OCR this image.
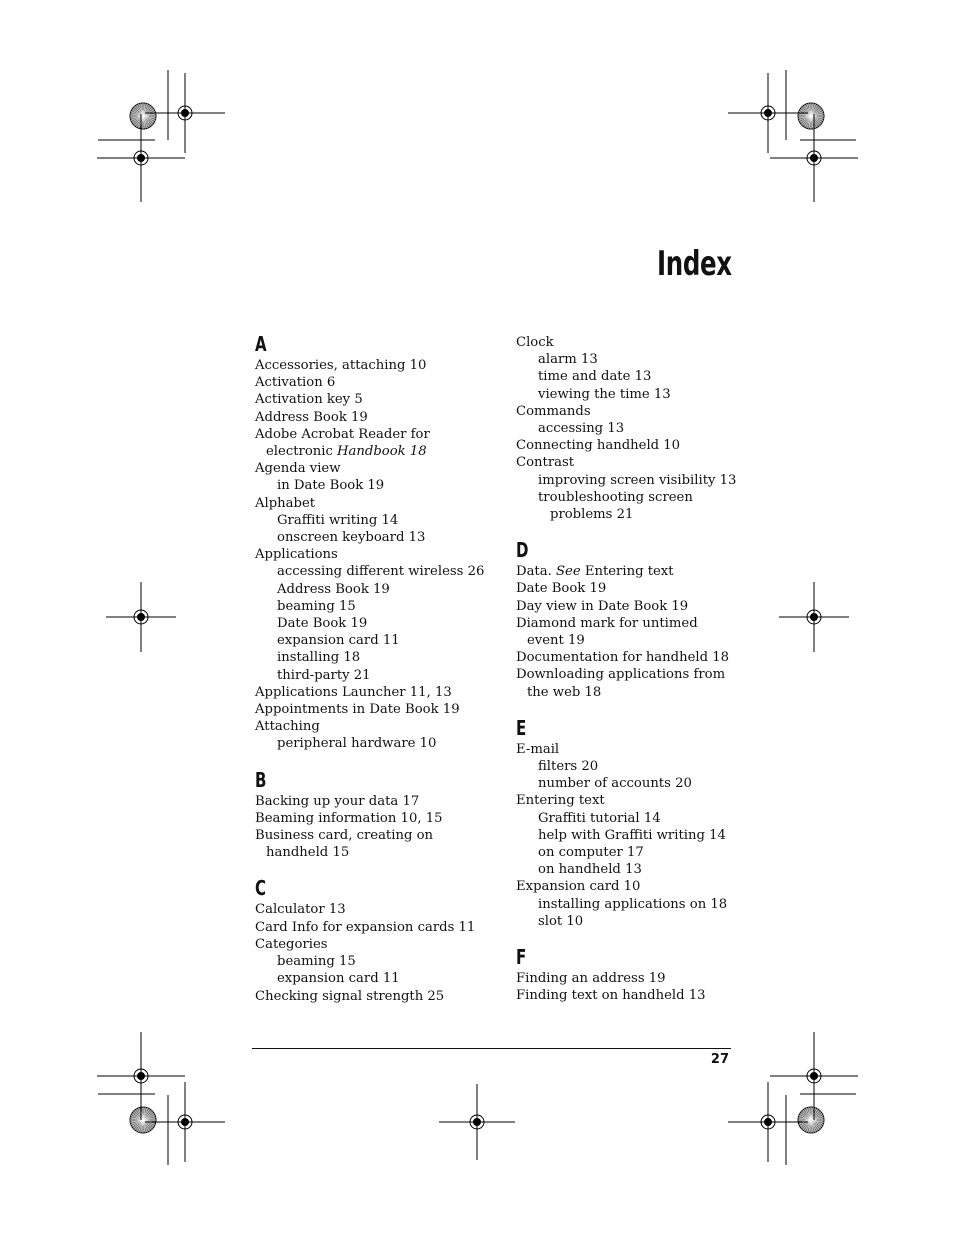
Index
A
Accessories, attaching 10
Activation 6
Activation key 5
Address Book 19
Adobe Acrobat Reader for
electronic Handbook 18
Agenda view
in Date Book 19
Alphabet
Graffiti writing 14
onscreen keyboard 13
Applications
accessing different wireless 26
Address Book 19
beaming 15
Date Book 19
expansion card 11
installing 18
third-party 21
Applications Launcher 11, 13
Appointments in Date Book 19
Attaching
peripheral hardware 10
B
Backing up your data 17
Beaming information 10, 15
Business card, creating on
handheld 15
C
Calculator 13
Card Info for expansion cards 11
Categories
beaming 15
expansion card 11
Checking signal strength 25
Clock
alarm 13
time and date 13
viewing the time 13
Commands
accessing 13
Connecting handheld 10
Contrast
improving screen visibility 13
troubleshooting screen
problems 21
D
Data. See Entering text
Date Book 19
Day view in Date Book 19
Diamond mark for untimed
event 19
Documentation for handheld 18
Downloading applications from
the web 18
E
E-mail
filters 20
number of accounts 20
Entering text
Graffiti tutorial 14
help with Graffiti writing 14
on computer 17
on handheld 13
Expansion card 10
installing applications on 18
slot 10
F
Finding an address 19
Finding text on handheld 13
27
